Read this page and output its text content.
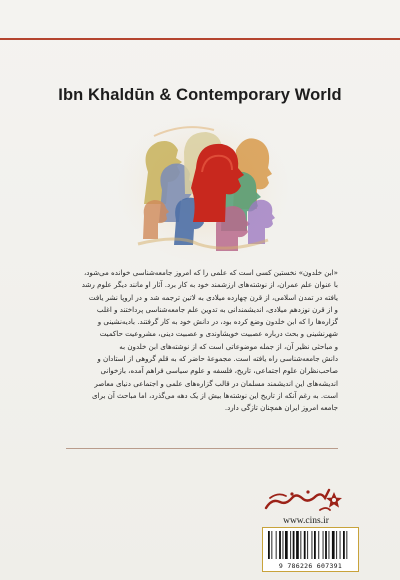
Ibn Khaldūn & Contemporary World

«ابن خلدون» نخستین کسی است که علمی را که امروز جامعه‌شناسی خوانده می‌شود،

با عنوان علم عمران، از نوشته‌های ارزشمند خود به کار برد. آثار او مانند دیگر علوم رشد

یافته در تمدن اسلامی، از قرن چهارده میلادی به لاتین ترجمه شد و در اروپا نشر یافت

و از قرن نوزدهم میلادی، اندیشمندانی به تدوین علم جامعه‌شناسی پرداختند و اغلب

گزاره‌ها را که ابن خلدون وضع کرده بود، در دانش خود به کار گرفتند. بادیه‌نشینی و

شهرنشینی و بحث درباره عصبیت خویشاوندی و عصبیت دینی، مشروعیت حاکمیت

و مباحثی نظیر آن، از جمله موضوعاتی است که از نوشته‌های ابن خلدون به

دانش جامعه‌شناسی راه یافته است. مجموعهٔ حاضر که به قلم گروهی از استادان و

صاحب‌نظران علوم اجتماعی، تاریخ، فلسفه و علوم سیاسی فراهم آمده، بازخوانی

اندیشه‌های این اندیشمند مسلمان در قالب گزاره‌های علمی و اجتماعی دنیای معاصر

است. به رغم آنکه از تاریخ این نوشته‌ها بیش از یک دهه می‌گذرد، اما مباحث آن برای

جامعه امروز ایران همچنان تازگی دارد.

www.cins.ir
9 786226 607391
